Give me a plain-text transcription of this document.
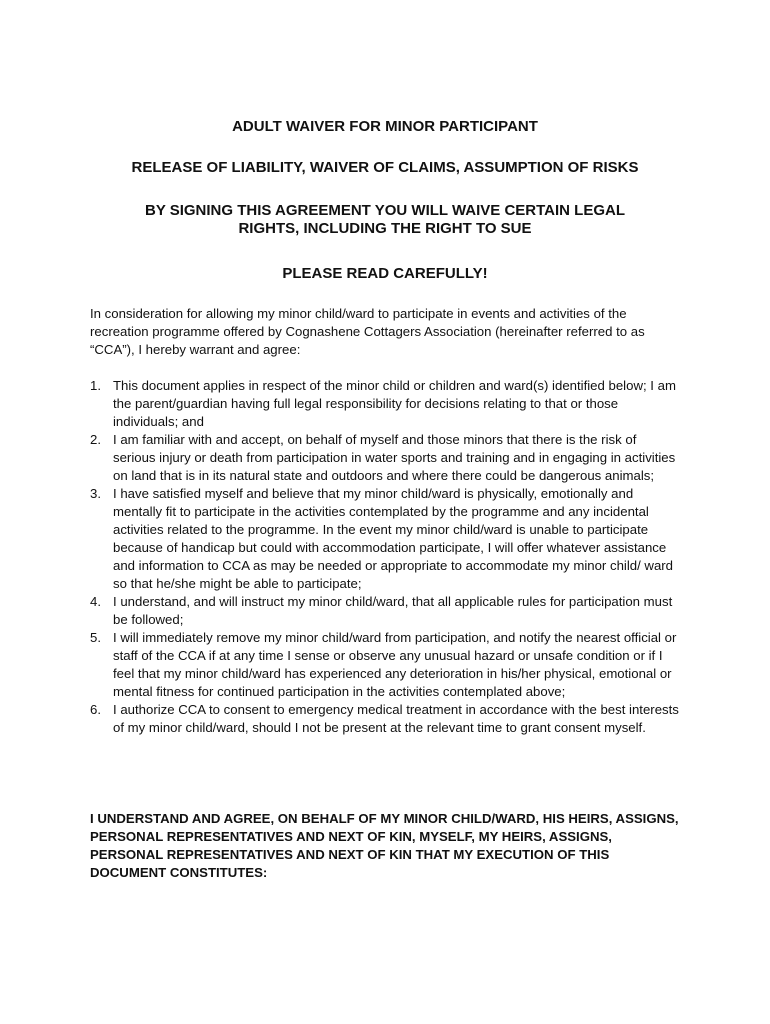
ADULT WAIVER FOR MINOR PARTICIPANT

RELEASE OF LIABILITY, WAIVER OF CLAIMS, ASSUMPTION OF RISKS

BY SIGNING THIS AGREEMENT YOU WILL WAIVE CERTAIN LEGAL
RIGHTS, INCLUDING THE RIGHT TO SUE

PLEASE READ CAREFULLY!

In consideration for allowing my minor child/ward to participate in events and activities of the recreation programme offered by Cognashene Cottagers Association (hereinafter referred to as “CCA”), I hereby warrant and agree:

1. This document applies in respect of the minor child or children and ward(s) identified below; I am the parent/guardian having full legal responsibility for decisions relating to that or those individuals; and
2. I am familiar with and accept, on behalf of myself and those minors that there is the risk of serious injury or death from participation in water sports and training and in engaging in activities on land that is in its natural state and outdoors and where there could be dangerous animals;
3. I have satisfied myself and believe that my minor child/ward is physically, emotionally and mentally fit to participate in the activities contemplated by the programme and any incidental activities related to the programme. In the event my minor child/ward is unable to participate because of handicap but could with accommodation participate, I will offer whatever assistance and information to CCA as may be needed or appropriate to accommodate my minor child/ ward so that he/she might be able to participate;
4. I understand, and will instruct my minor child/ward, that all applicable rules for participation must be followed;
5. I will immediately remove my minor child/ward from participation, and notify the nearest official or staff of the CCA if at any time I sense or observe any unusual hazard or unsafe condition or if I feel that my minor child/ward has experienced any deterioration in his/her physical, emotional or mental fitness for continued participation in the activities contemplated above;
6. I authorize CCA to consent to emergency medical treatment in accordance with the best interests of my minor child/ward, should I not be present at the relevant time to grant consent myself.

I UNDERSTAND AND AGREE, ON BEHALF OF MY MINOR CHILD/WARD, HIS HEIRS, ASSIGNS, PERSONAL REPRESENTATIVES AND NEXT OF KIN, MYSELF, MY HEIRS, ASSIGNS, PERSONAL REPRESENTATIVES AND NEXT OF KIN THAT MY EXECUTION OF THIS DOCUMENT CONSTITUTES:
